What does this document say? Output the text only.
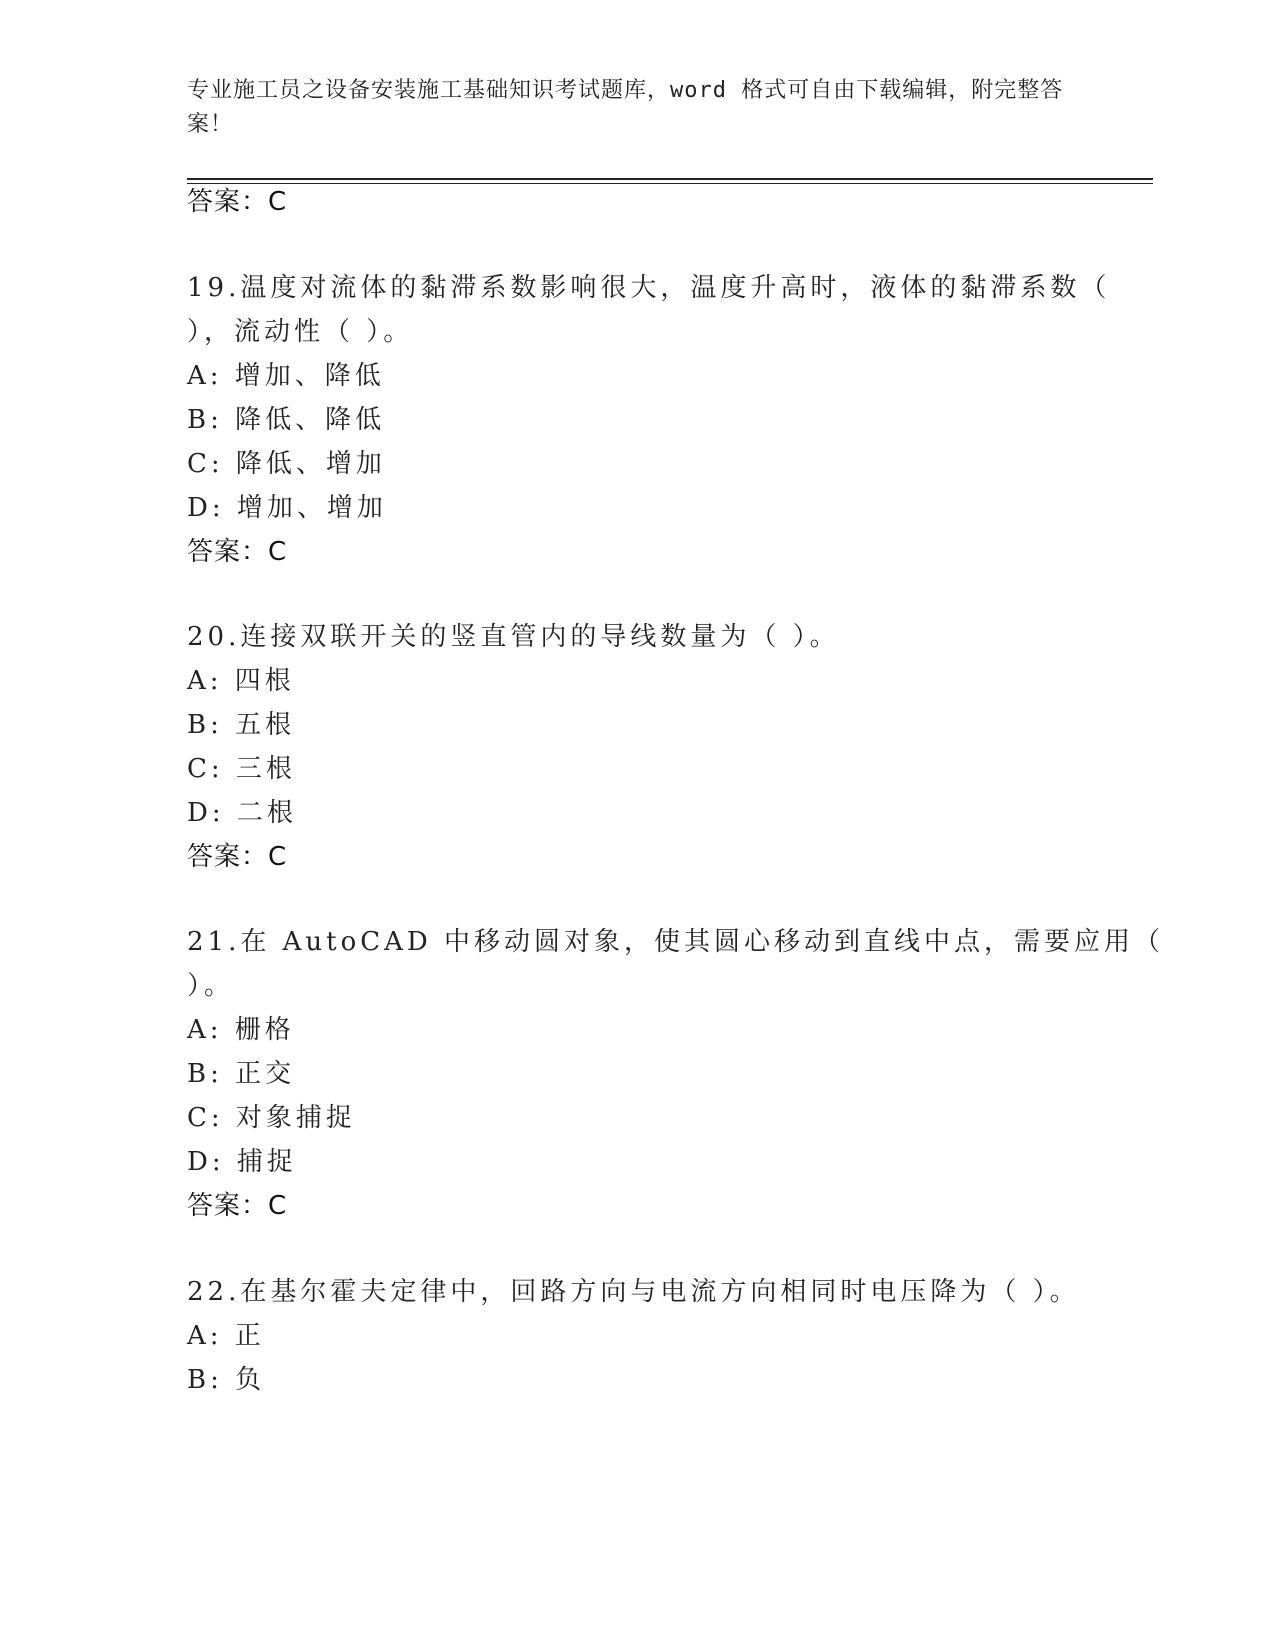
专业施工员之设备安装施工基础知识考试题库，word 格式可自由下载编辑，附完整答案！

答案：C

19.温度对流体的黏滞系数影响很大，温度升高时，液体的黏滞系数（

），流动性（ ）。

A: 增加、降低

B: 降低、降低

C: 降低、增加

D: 增加、增加

答案：C

20.连接双联开关的竖直管内的导线数量为（ ）。

A: 四根

B: 五根

C: 三根

D: 二根

答案：C

21.在 AutoCAD 中移动圆对象，使其圆心移动到直线中点，需要应用（

）。

A: 栅格

B: 正交

C: 对象捕捉

D: 捕捉

答案：C

22.在基尔霍夫定律中，回路方向与电流方向相同时电压降为（ ）。

A: 正

B: 负
